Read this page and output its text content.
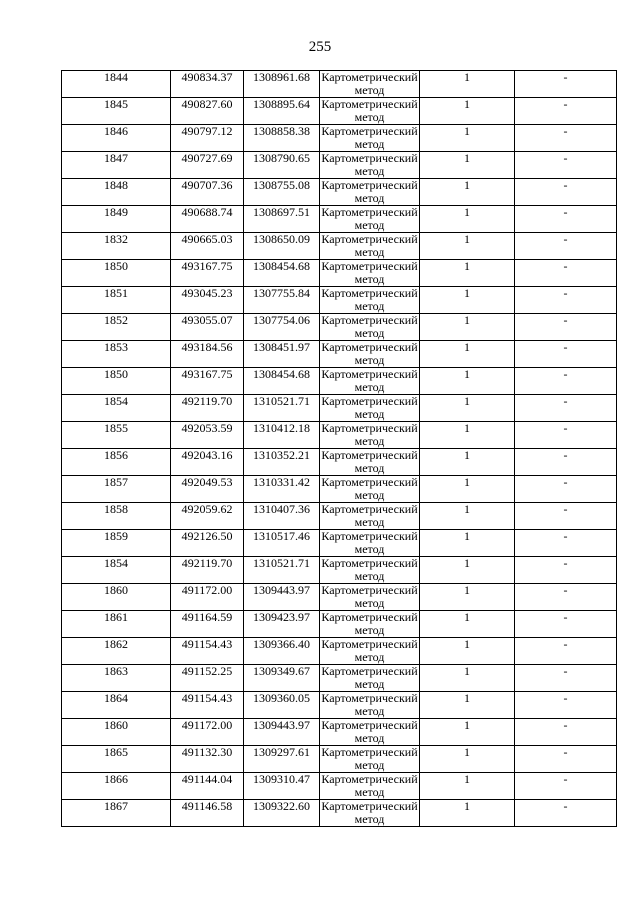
255
1844	490834.37	1308961.68	Картометрический метод	1	-
1845	490827.60	1308895.64	Картометрический метод	1	-
1846	490797.12	1308858.38	Картометрический метод	1	-
1847	490727.69	1308790.65	Картометрический метод	1	-
1848	490707.36	1308755.08	Картометрический метод	1	-
1849	490688.74	1308697.51	Картометрический метод	1	-
1832	490665.03	1308650.09	Картометрический метод	1	-
1850	493167.75	1308454.68	Картометрический метод	1	-
1851	493045.23	1307755.84	Картометрический метод	1	-
1852	493055.07	1307754.06	Картометрический метод	1	-
1853	493184.56	1308451.97	Картометрический метод	1	-
1850	493167.75	1308454.68	Картометрический метод	1	-
1854	492119.70	1310521.71	Картометрический метод	1	-
1855	492053.59	1310412.18	Картометрический метод	1	-
1856	492043.16	1310352.21	Картометрический метод	1	-
1857	492049.53	1310331.42	Картометрический метод	1	-
1858	492059.62	1310407.36	Картометрический метод	1	-
1859	492126.50	1310517.46	Картометрический метод	1	-
1854	492119.70	1310521.71	Картометрический метод	1	-
1860	491172.00	1309443.97	Картометрический метод	1	-
1861	491164.59	1309423.97	Картометрический метод	1	-
1862	491154.43	1309366.40	Картометрический метод	1	-
1863	491152.25	1309349.67	Картометрический метод	1	-
1864	491154.43	1309360.05	Картометрический метод	1	-
1860	491172.00	1309443.97	Картометрический метод	1	-
1865	491132.30	1309297.61	Картометрический метод	1	-
1866	491144.04	1309310.47	Картометрический метод	1	-
1867	491146.58	1309322.60	Картометрический метод	1	-
